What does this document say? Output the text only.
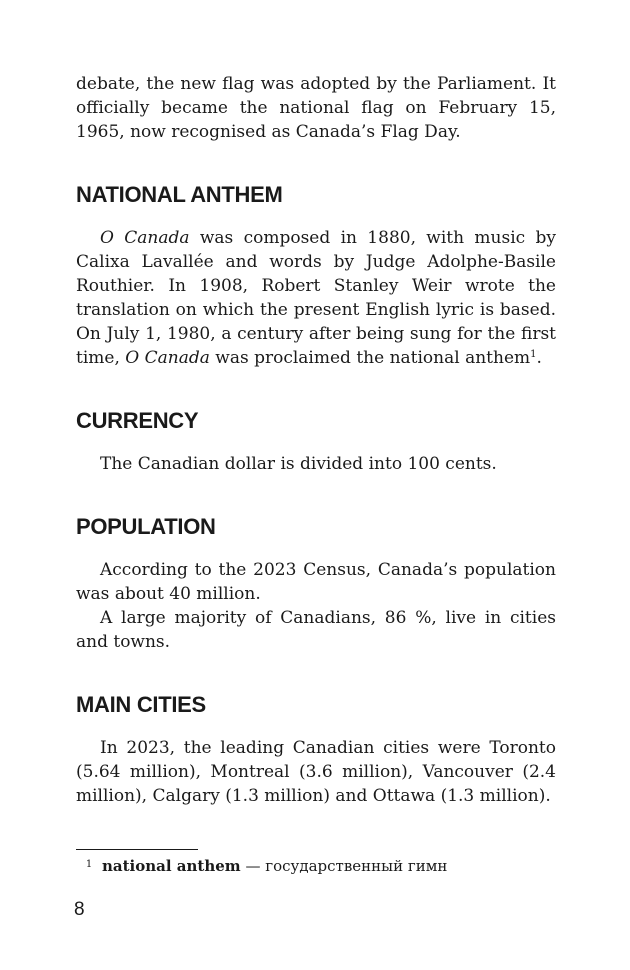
debate, the new flag was adopted by the Parliament. It officially became the national flag on February 15, 1965, now recognised as Canada’s Flag Day.

NATIONAL ANTHEM

O Canada was composed in 1880, with music by Calixa Lavallée and words by Judge Adolphe-Basile Routhier. In 1908, Robert Stanley Weir wrote the translation on which the present English lyric is based. On July 1, 1980, a century after being sung for the first time, O Canada was proclaimed the national anthem$^1$.

CURRENCY

The Canadian dollar is divided into 100 cents.

POPULATION

According to the 2023 Census, Canada’s population was about 40 million.

A large majority of Canadians, 86 %, live in cities and towns.

MAIN CITIES

In 2023, the leading Canadian cities were Toronto (5.64 million), Montreal (3.6 million), Vancouver (2.4 million), Calgary (1.3 million) and Ottawa (1.3 million).

1 national anthem — государственный гимн
8
